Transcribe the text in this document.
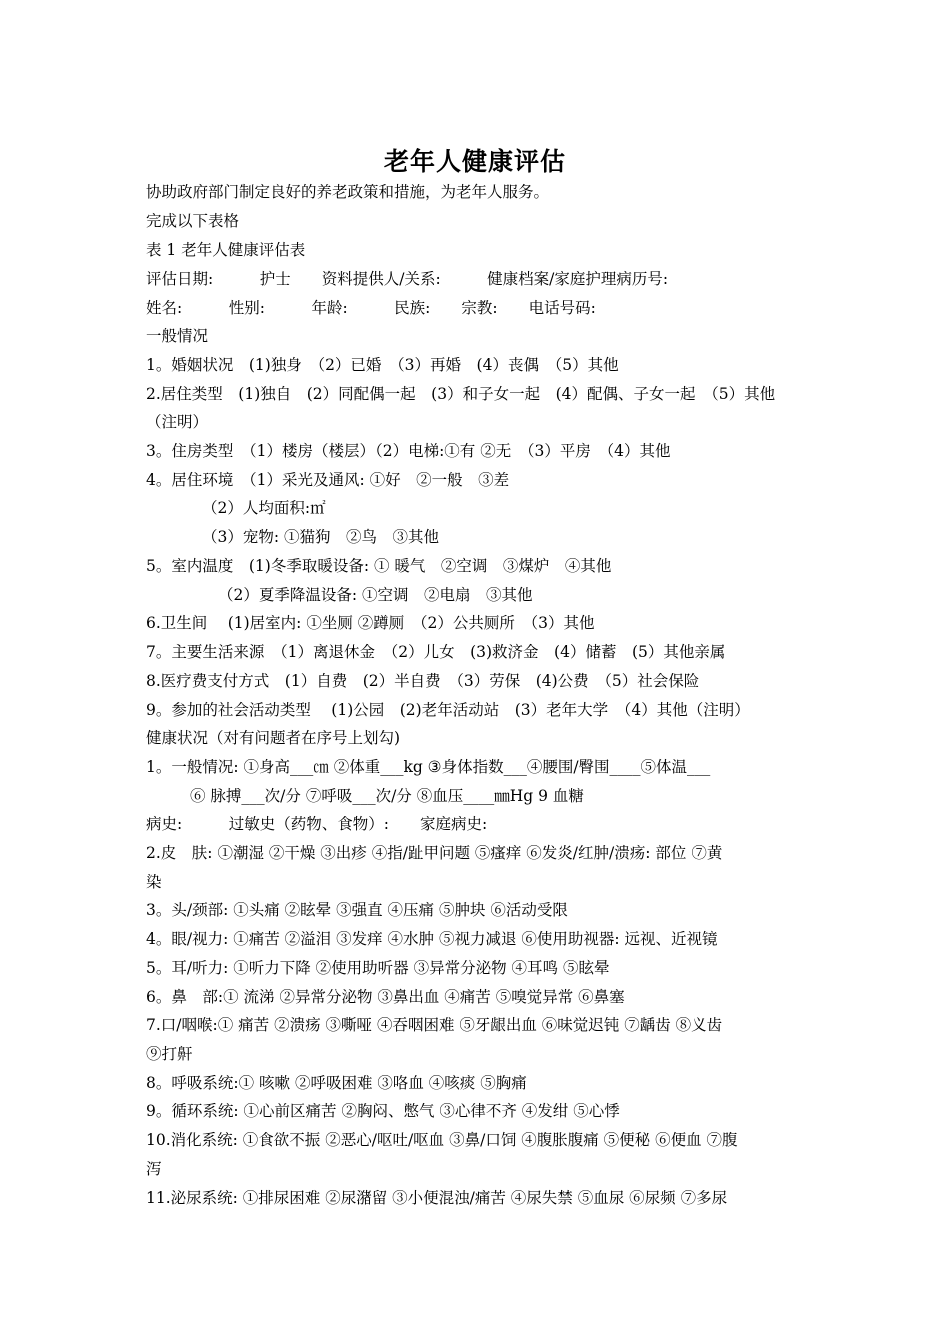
老年人健康评估
协助政府部门制定良好的养老政策和措施，为老年人服务。
完成以下表格
表 1 老年人健康评估表
评估日期:　　　护士　　资料提供人/关系:　　　健康档案/家庭护理病历号:
姓名:　　　性别:　　　年龄:　　　民族:　　宗教:　　电话号码:
一般情况
1。婚姻状况　(1)独身　（2）已婚　（3）再婚　(4）丧偶　（5）其他
2.居住类型　(1)独自　(2）同配偶一起　(3）和子女一起　(4）配偶、子女一起　（5）其他
（注明）
3。住房类型　（1）楼房（楼层）（2）电梯:①有 ②无　（3）平房　（4）其他
4。居住环境　（1）采光及通风: ①好　②一般　③差
（2）人均面积:㎡
（3）宠物: ①猫狗　②鸟　③其他
5。室内温度　(1)冬季取暖设备: ① 暖气　②空调　③煤炉　④其他
（2）夏季降温设备: ①空调　②电扇　③其他
6.卫生间　 (1)居室内: ①坐厕 ②蹲厕　（2）公共厕所　（3）其他
7。主要生活来源　（1）离退休金　（2）儿女　(3)救济金　(4）储蓄　(5）其他亲属
8.医疗费支付方式　(1）自费　(2）半自费　（3）劳保　(4)公费　（5）社会保险
9。参加的社会活动类型　 (1)公园　(2)老年活动站　(3）老年大学　（4）其他（注明）
健康状况（对有问题者在序号上划勾)
1。一般情况: ①身高___㎝ ②体重___kg ③身体指数___④腰围/臀围____⑤体温___
⑥ 脉搏___次/分 ⑦呼吸___次/分 ⑧血压____㎜Hg 9 血糖
病史:　　　过敏史（药物、食物）:　　家庭病史:
2.皮　肤: ①潮湿 ②干燥 ③出疹 ④指/趾甲问题 ⑤瘙痒 ⑥发炎/红肿/溃疡: 部位 ⑦黄
染
3。头/颈部: ①头痛 ②眩晕 ③强直 ④压痛 ⑤肿块 ⑥活动受限
4。眼/视力: ①痛苦 ②溢泪 ③发痒 ④水肿 ⑤视力减退 ⑥使用助视器: 远视、近视镜
5。耳/听力: ①听力下降 ②使用助听器 ③异常分泌物 ④耳鸣 ⑤眩晕
6。鼻　部:① 流涕 ②异常分泌物 ③鼻出血 ④痛苦 ⑤嗅觉异常 ⑥鼻塞
7.口/咽喉:① 痛苦 ②溃疡 ③嘶哑 ④吞咽困难 ⑤牙龈出血 ⑥味觉迟钝 ⑦龋齿 ⑧义齿
⑨打鼾
8。呼吸系统:① 咳嗽 ②呼吸困难 ③咯血 ④咳痰 ⑤胸痛
9。循环系统: ①心前区痛苦 ②胸闷、憋气 ③心律不齐 ④发绀 ⑤心悸
10.消化系统: ①食欲不振 ②恶心/呕吐/呕血 ③鼻/口饲 ④腹胀腹痛 ⑤便秘 ⑥便血 ⑦腹
泻
11.泌尿系统: ①排尿困难 ②尿潴留 ③小便混浊/痛苦 ④尿失禁 ⑤血尿 ⑥尿频 ⑦多尿
